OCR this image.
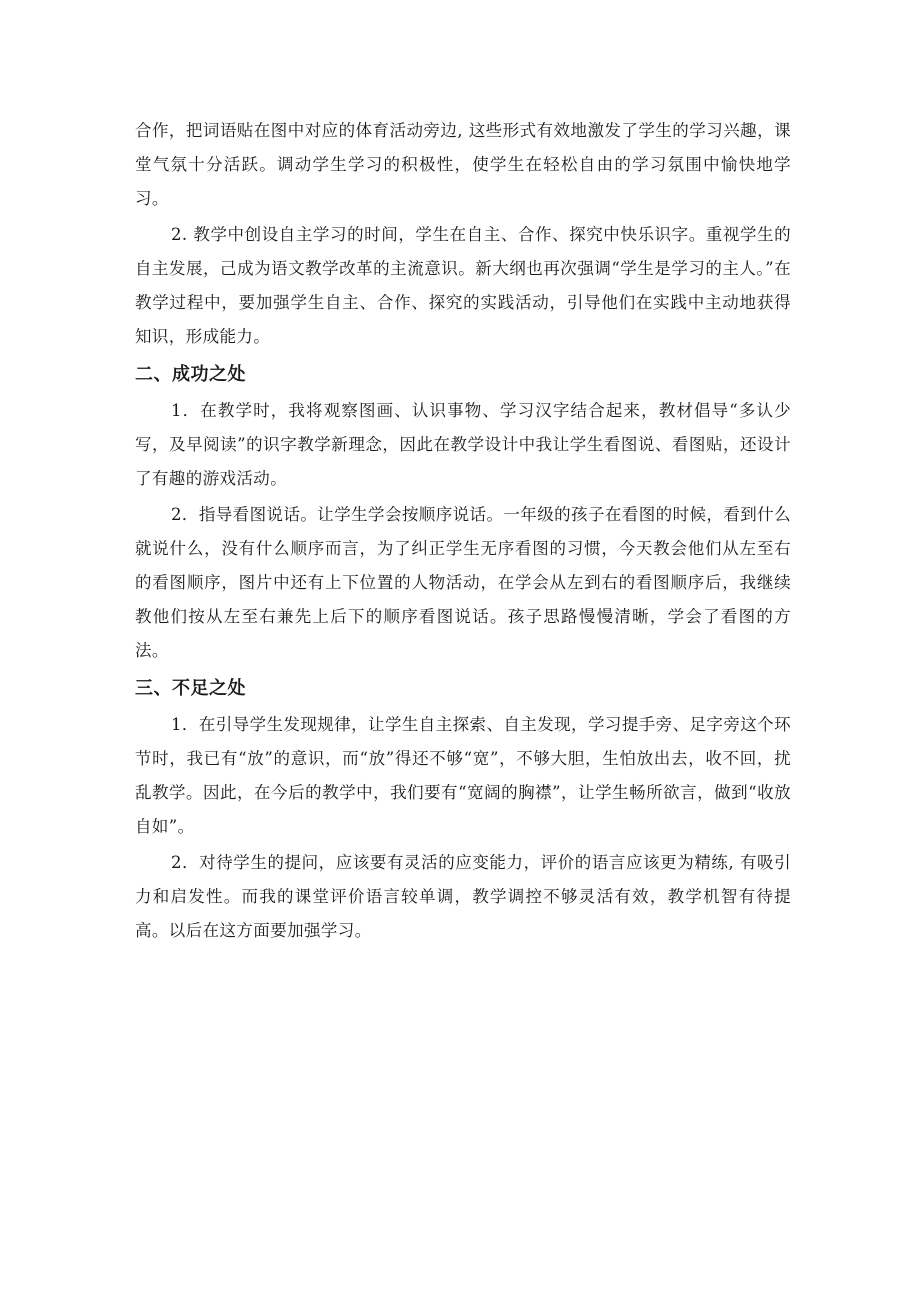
合作，把词语贴在图中对应的体育活动旁边, 这些形式有效地激发了学生的学习兴趣，课堂气氛十分活跃。调动学生学习的积极性，使学生在轻松自由的学习氛围中愉快地学习。

2. 教学中创设自主学习的时间，学生在自主、合作、探究中快乐识字。重视学生的自主发展，己成为语文教学改革的主流意识。新大纲也再次强调“学生是学习的主人。”在教学过程中，要加强学生自主、合作、探究的实践活动，引导他们在实践中主动地获得知识，形成能力。

二、成功之处

1．在教学时，我将观察图画、认识事物、学习汉字结合起来，教材倡导“多认少写，及早阅读”的识字教学新理念，因此在教学设计中我让学生看图说、看图贴，还设计了有趣的游戏活动。

2．指导看图说话。让学生学会按顺序说话。一年级的孩子在看图的时候，看到什么就说什么，没有什么顺序而言，为了纠正学生无序看图的习惯，今天教会他们从左至右的看图顺序，图片中还有上下位置的人物活动，在学会从左到右的看图顺序后，我继续教他们按从左至右兼先上后下的顺序看图说话。孩子思路慢慢清晰，学会了看图的方法。

三、不足之处

1．在引导学生发现规律，让学生自主探索、自主发现，学习提手旁、足字旁这个环节时，我已有“放”的意识，而“放”得还不够“宽”，不够大胆，生怕放出去，收不回，扰乱教学。因此，在今后的教学中，我们要有“宽阔的胸襟”，让学生畅所欲言，做到“收放自如”。

2．对待学生的提问，应该要有灵活的应变能力，评价的语言应该更为精练, 有吸引力和启发性。而我的课堂评价语言较单调，教学调控不够灵活有效，教学机智有待提高。以后在这方面要加强学习。
